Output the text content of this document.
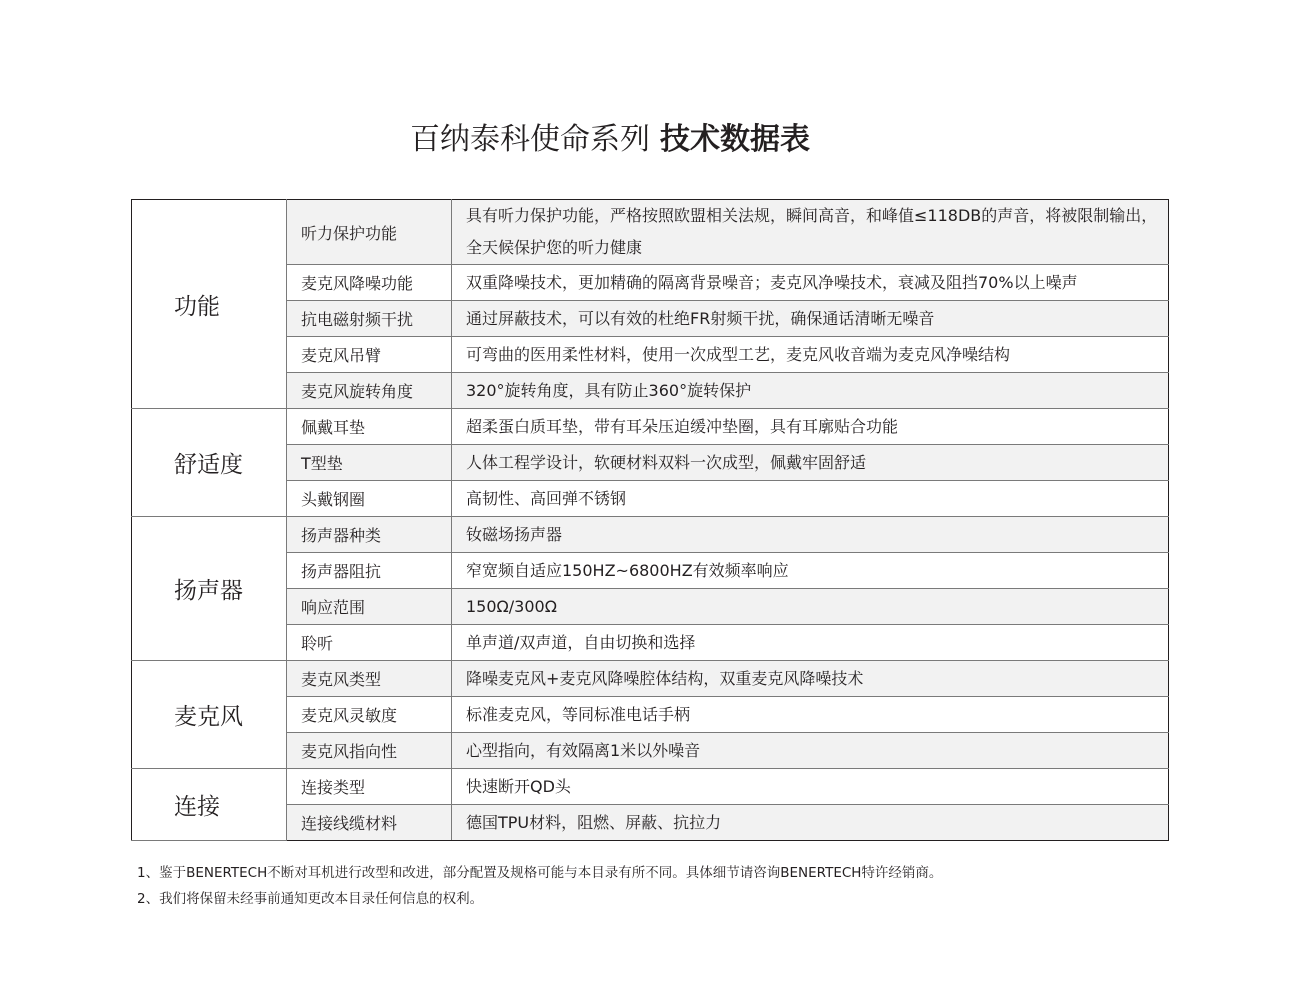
百纳泰科使命系列 技术数据表
功能	听力保护功能	具有听力保护功能，严格按照欧盟相关法规，瞬间高音，和峰值≤118DB的声音，将被限制输出，全天候保护您的听力健康
	麦克风降噪功能	双重降噪技术，更加精确的隔离背景噪音；麦克风净噪技术，衰减及阻挡70%以上噪声
	抗电磁射频干扰	通过屏蔽技术，可以有效的杜绝FR射频干扰，确保通话清晰无噪音
	麦克风吊臂	可弯曲的医用柔性材料，使用一次成型工艺，麦克风收音端为麦克风净噪结构
	麦克风旋转角度	320°旋转角度，具有防止360°旋转保护
舒适度	佩戴耳垫	超柔蛋白质耳垫，带有耳朵压迫缓冲垫圈，具有耳廓贴合功能
	T型垫	人体工程学设计，软硬材料双料一次成型，佩戴牢固舒适
	头戴钢圈	高韧性、高回弹不锈钢
扬声器	扬声器种类	钕磁场扬声器
	扬声器阻抗	窄宽频自适应150HZ~6800HZ有效频率响应
	响应范围	150Ω/300Ω
	聆听	单声道/双声道，自由切换和选择
麦克风	麦克风类型	降噪麦克风+麦克风降噪腔体结构，双重麦克风降噪技术
	麦克风灵敏度	标准麦克风，等同标准电话手柄
	麦克风指向性	心型指向，有效隔离1米以外噪音
连接	连接类型	快速断开QD头
	连接线缆材料	德国TPU材料，阻燃、屏蔽、抗拉力
1、鉴于BENERTECH不断对耳机进行改型和改进，部分配置及规格可能与本目录有所不同。具体细节请咨询BENERTECH特许经销商。
2、我们将保留未经事前通知更改本目录任何信息的权利。
